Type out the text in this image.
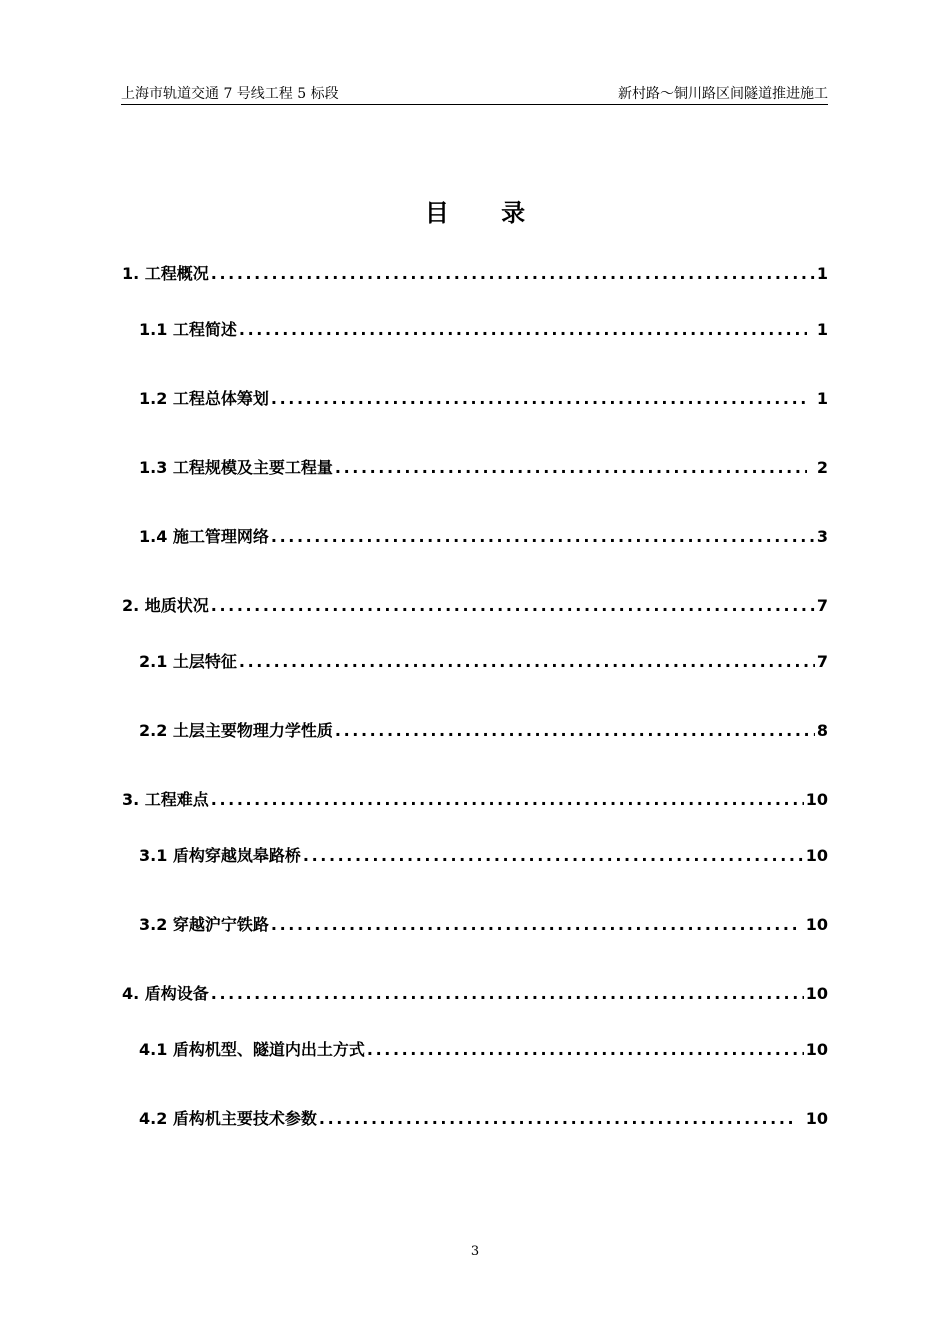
上海市轨道交通 7 号线工程 5 标段	新村路～铜川路区间隧道推进施工
目 录
1. 工程概况 .....	1
1.1 工程简述 .....	1
1.2 工程总体筹划 .....	1
1.3 工程规模及主要工程量 .....	2
1.4 施工管理网络 .....	3
2. 地质状况 .....	7
2.1 土层特征 .....	7
2.2 土层主要物理力学性质 .....	8
3. 工程难点 .....	10
3.1 盾构穿越岚皋路桥 .....	10
3.2 穿越沪宁铁路 .....	10
4. 盾构设备 .....	10
4.1 盾构机型、隧道内出土方式 .....	10
4.2 盾构机主要技术参数 .....	10
3
